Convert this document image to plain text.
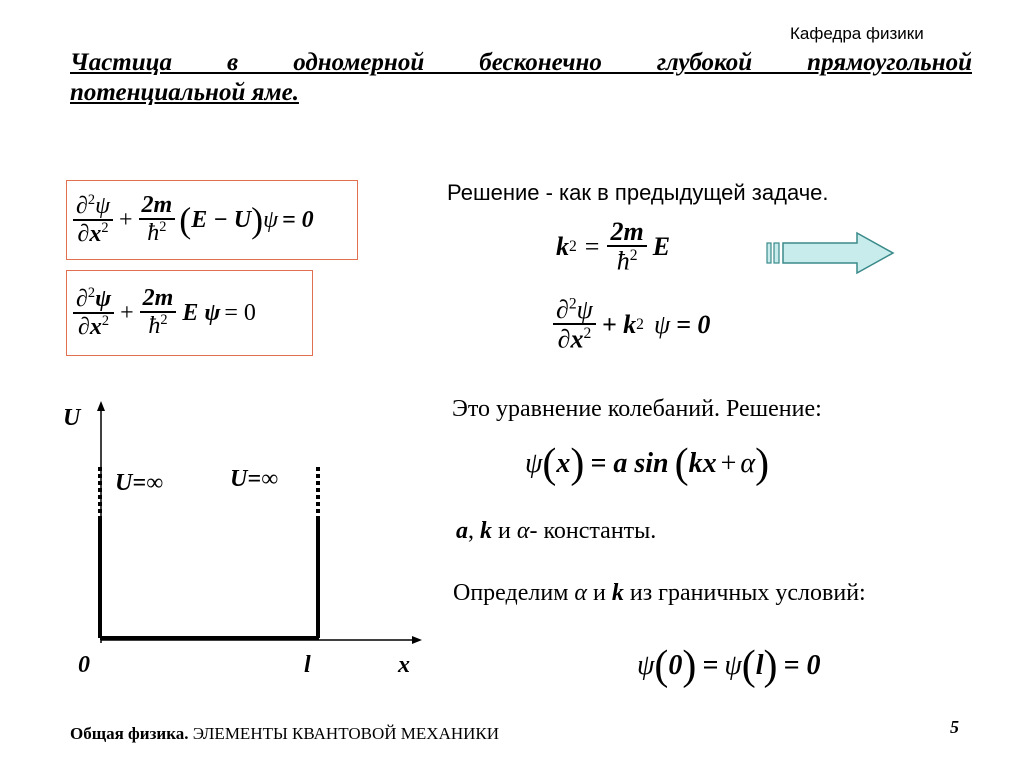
Кафедра физики
Частица в одномерной бесконечно глубокой прямоугольной
потенциальной яме.
$\frac{\partial^2\psi}{\partial x^2} + \frac{2m}{ħ^2}$ ( E − U ) ψ = 0
$\frac{\partial^2\psi}{\partial x^2} + \frac{2m}{ħ^2}$ E ψ = 0
Решение - как в предыдущей задаче.
k $2 = \frac{2m}{ħ^2}$ E
$\frac{\partial^2\psi}{\partial x^2} + k$ 2 ψ = 0
Это уравнение колебаний. Решение:
ψ ( x ) = a sin ( kx + α )
a, k и α- константы.
Определим α и k из граничных условий:
ψ ( 0 ) = ψ ( l ) = 0
U
U=∞	U=∞
0	l	x
Общая физика. ЭЛЕМЕНТЫ КВАНТОВОЙ МЕХАНИКИ	5
